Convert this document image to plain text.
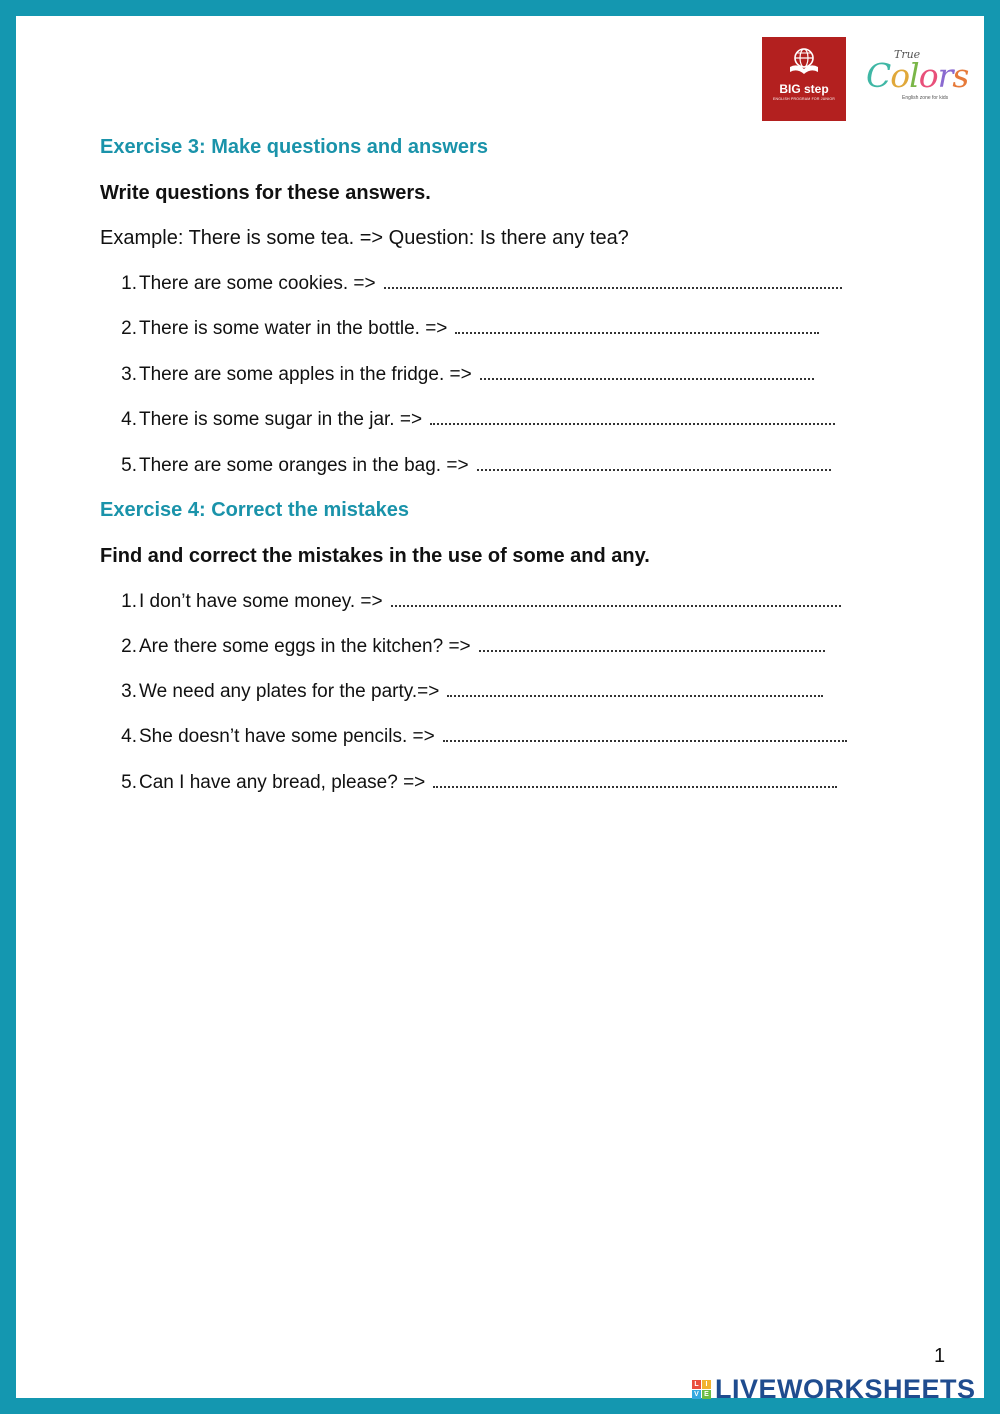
BIG step
ENGLISH PROGRAM FOR JUNIOR
True
Colors
English zone for kids
Exercise 3: Make questions and answers
Write questions for these answers.
Example: There is some tea. => Question: Is there any tea?
1. There are some cookies. =>
2. There is some water in the bottle. =>
3. There are some apples in the fridge. =>
4. There is some sugar in the jar. =>
5. There are some oranges in the bag. =>
Exercise 4: Correct the mistakes
Find and correct the mistakes in the use of some and any.
1. I don’t have some money. =>
2. Are there some eggs in the kitchen? =>
3. We need any plates for the party.=>
4. She doesn’t have some pencils. =>
5. Can I have any bread, please? =>
1
L I
V E LIVEWORKSHEETS
